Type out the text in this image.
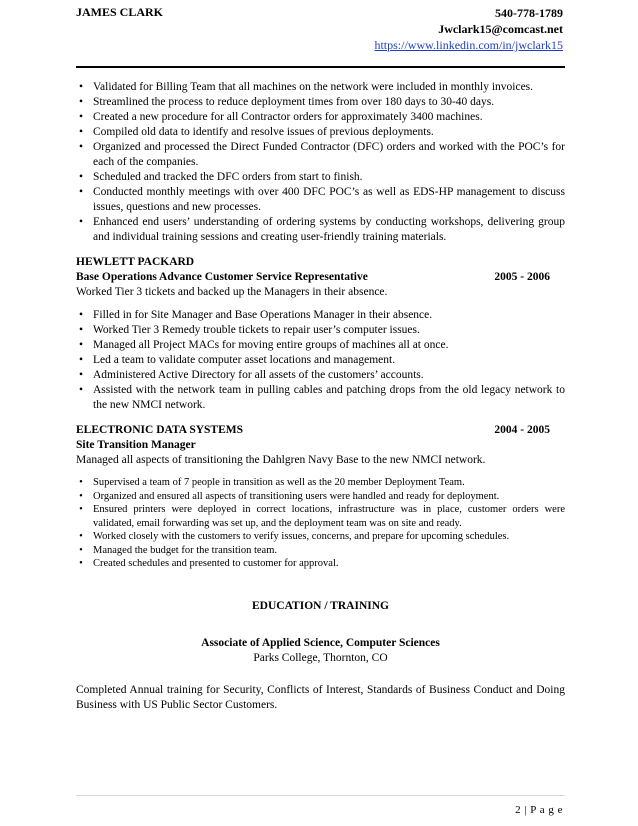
JAMES CLARK	540-778-1789
Jwclark15@comcast.net
https://www.linkedin.com/in/jwclark15
• Validated for Billing Team that all machines on the network were included in monthly invoices.
• Streamlined the process to reduce deployment times from over 180 days to 30-40 days.
• Created a new procedure for all Contractor orders for approximately 3400 machines.
• Compiled old data to identify and resolve issues of previous deployments.
• Organized and processed the Direct Funded Contractor (DFC) orders and worked with the POC’s for each of the companies.
• Scheduled and tracked the DFC orders from start to finish.
• Conducted monthly meetings with over 400 DFC POC’s as well as EDS-HP management to discuss issues, questions and new processes.
• Enhanced end users’ understanding of ordering systems by conducting workshops, delivering group and individual training sessions and creating user-friendly training materials.
HEWLETT PACKARD
Base Operations Advance Customer Service Representative	2005 - 2006
Worked Tier 3 tickets and backed up the Managers in their absence.
• Filled in for Site Manager and Base Operations Manager in their absence.
• Worked Tier 3 Remedy trouble tickets to repair user’s computer issues.
• Managed all Project MACs for moving entire groups of machines all at once.
• Led a team to validate computer asset locations and management.
• Administered Active Directory for all assets of the customers’ accounts.
• Assisted with the network team in pulling cables and patching drops from the old legacy network to the new NMCI network.
ELECTRONIC DATA SYSTEMS	2004 - 2005
Site Transition Manager
Managed all aspects of transitioning the Dahlgren Navy Base to the new NMCI network.
• Supervised a team of 7 people in transition as well as the 20 member Deployment Team.
• Organized and ensured all aspects of transitioning users were handled and ready for deployment.
• Ensured printers were deployed in correct locations, infrastructure was in place, customer orders were validated, email forwarding was set up, and the deployment team was on site and ready.
• Worked closely with the customers to verify issues, concerns, and prepare for upcoming schedules.
• Managed the budget for the transition team.
• Created schedules and presented to customer for approval.
EDUCATION / TRAINING
Associate of Applied Science, Computer Sciences
Parks College, Thornton, CO
Completed Annual training for Security, Conflicts of Interest, Standards of Business Conduct and Doing Business with US Public Sector Customers.
2 | P a g e
